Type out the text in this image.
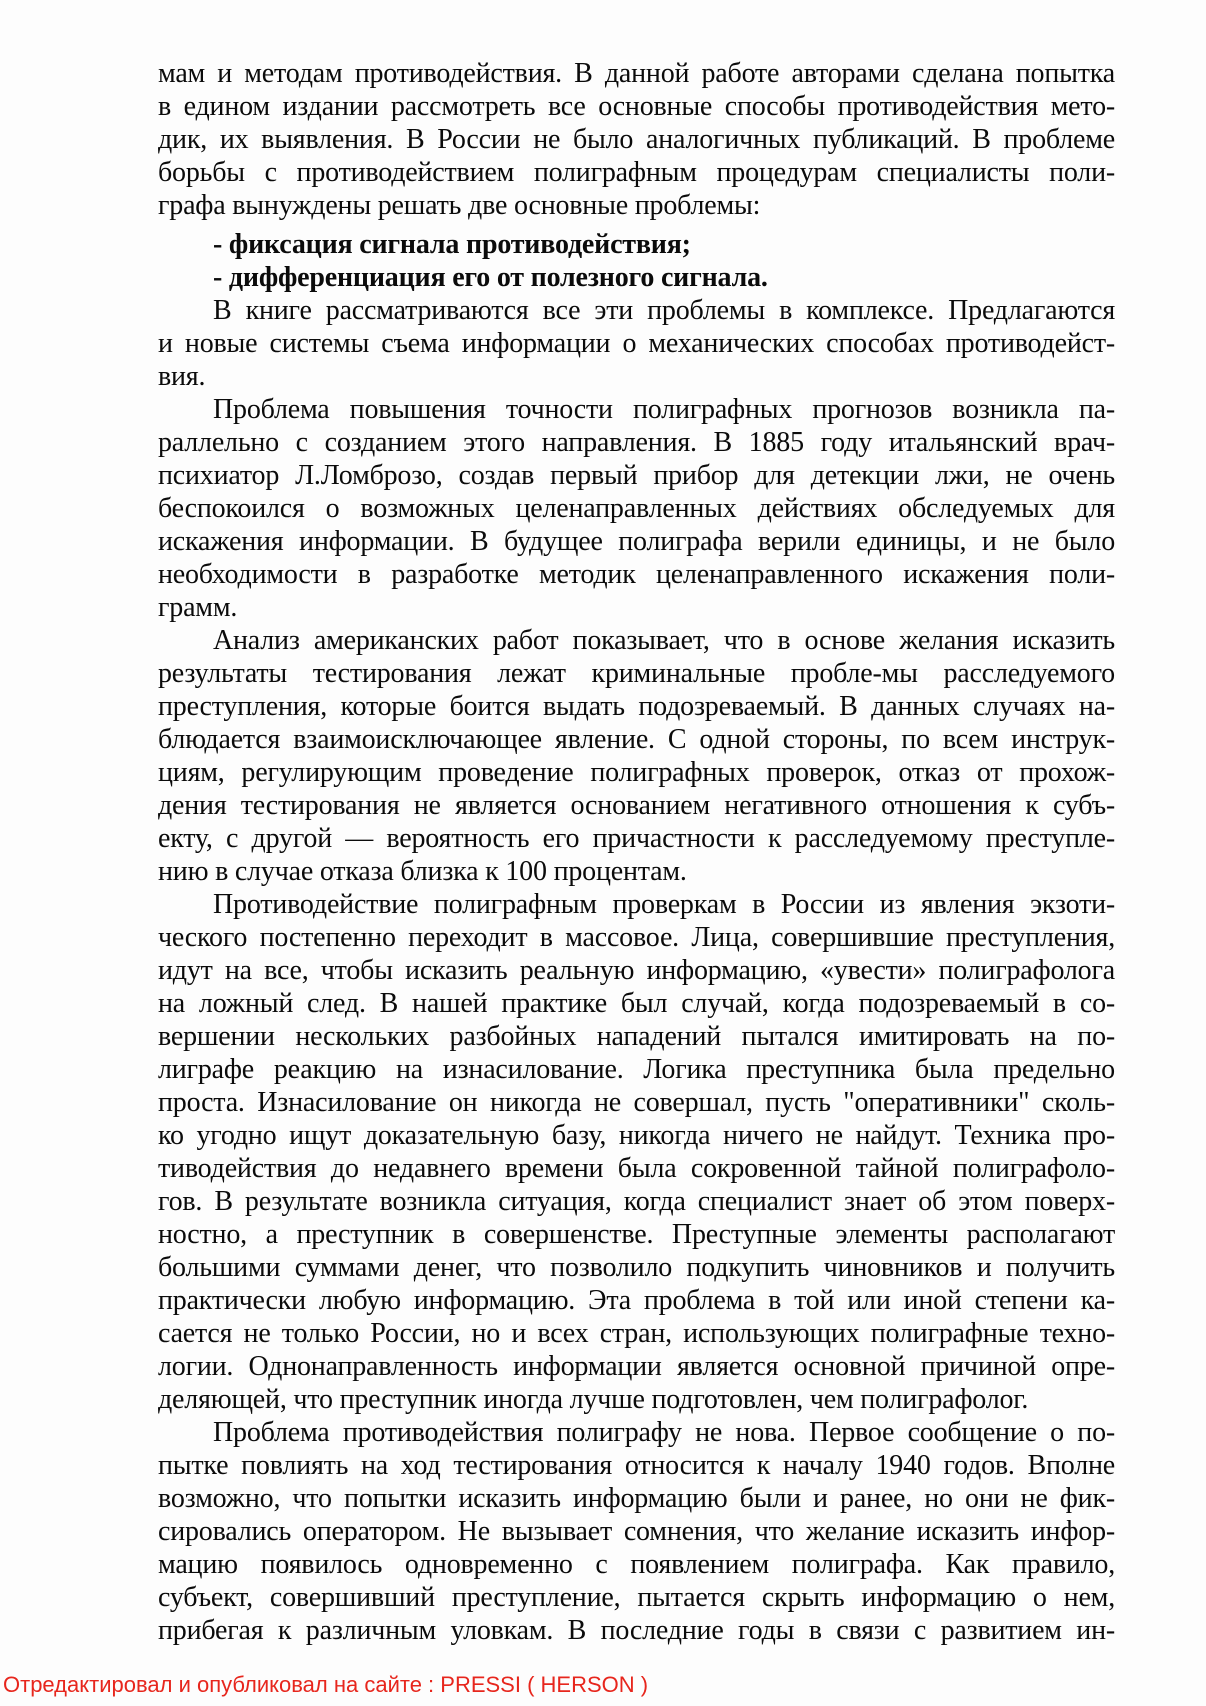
мам и методам противодействия. В данной работе авторами сделана попытка
в едином издании рассмотреть все основные способы противодействия мето-
дик, их выявления. В России не было аналогичных публикаций. В проблеме
борьбы с противодействием полиграфным процедурам специалисты поли-
графа вынуждены решать две основные проблемы:
- фиксация сигнала противодействия;
- дифференциация его от полезного сигнала.
В книге рассматриваются все эти проблемы в комплексе. Предлагаются
и новые системы съема информации о механических способах противодейст-
вия.
Проблема повышения точности полиграфных прогнозов возникла па-
раллельно с созданием этого направления. В 1885 году итальянский врач-
психиатор Л.Ломброзо, создав первый прибор для детекции лжи, не очень
беспокоился о возможных целенаправленных действиях обследуемых для
искажения информации. В будущее полиграфа верили единицы, и не было
необходимости в разработке методик целенаправленного искажения поли-
грамм.
Анализ американских работ показывает, что в основе желания исказить
результаты тестирования лежат криминальные пробле-мы расследуемого
преступления, которые боится выдать подозреваемый. В данных случаях на-
блюдается взаимоисключающее явление. С одной стороны, по всем инструк-
циям, регулирующим проведение полиграфных проверок, отказ от прохож-
дения тестирования не является основанием негативного отношения к субъ-
екту, с другой — вероятность его причастности к расследуемому преступле-
нию в случае отказа близка к 100 процентам.
Противодействие полиграфным проверкам в России из явления экзоти-
ческого постепенно переходит в массовое. Лица, совершившие преступления,
идут на все, чтобы исказить реальную информацию, «увести» полиграфолога
на ложный след. В нашей практике был случай, когда подозреваемый в со-
вершении нескольких разбойных нападений пытался имитировать на по-
лиграфе реакцию на изнасилование. Логика преступника была предельно
проста. Изнасилование он никогда не совершал, пусть "оперативники" сколь-
ко угодно ищут доказательную базу, никогда ничего не найдут. Техника про-
тиводействия до недавнего времени была сокровенной тайной полиграфоло-
гов. В результате возникла ситуация, когда специалист знает об этом поверх-
ностно, а преступник в совершенстве. Преступные элементы располагают
большими суммами денег, что позволило подкупить чиновников и получить
практически любую информацию. Эта проблема в той или иной степени ка-
сается не только России, но и всех стран, использующих полиграфные техно-
логии. Однонаправленность информации является основной причиной опре-
деляющей, что преступник иногда лучше подготовлен, чем полиграфолог.
Проблема противодействия полиграфу не нова. Первое сообщение о по-
пытке повлиять на ход тестирования относится к началу 1940 годов. Вполне
возможно, что попытки исказить информацию были и ранее, но они не фик-
сировались оператором. Не вызывает сомнения, что желание исказить инфор-
мацию появилось одновременно с появлением полиграфа. Как правило,
субъект, совершивший преступление, пытается скрыть информацию о нем,
прибегая к различным уловкам. В последние годы в связи с развитием ин-
Отредактировал и опубликовал на сайте : PRESSI ( HERSON )
